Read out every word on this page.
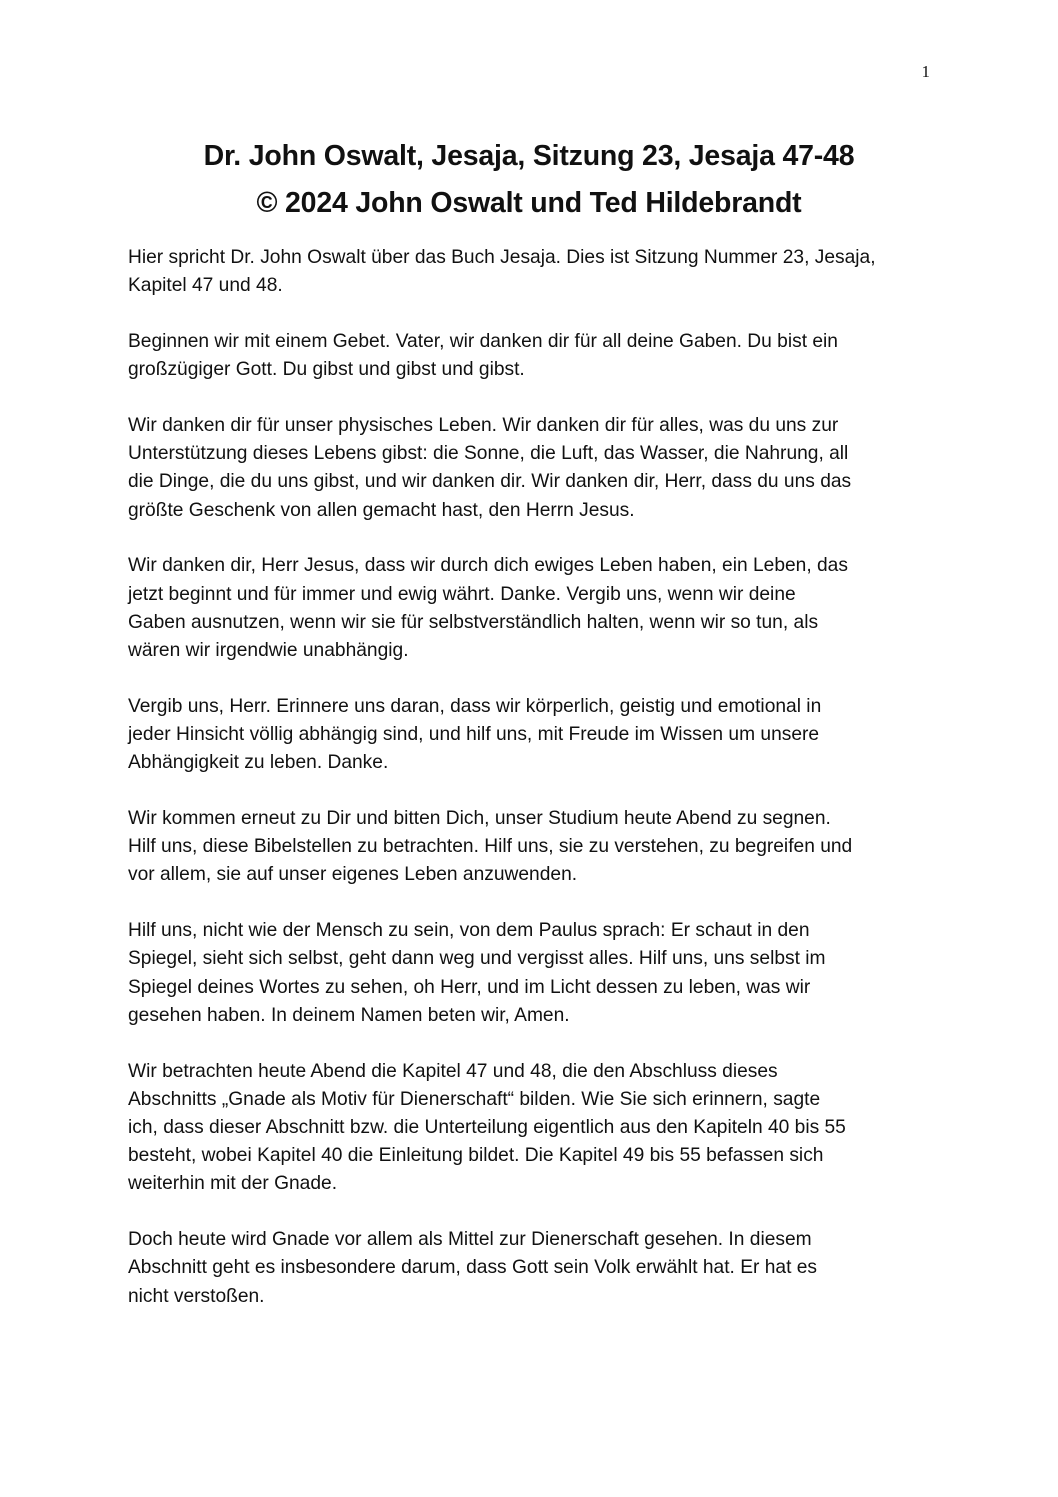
1
Dr. John Oswalt, Jesaja, Sitzung 23, Jesaja 47-48
© 2024 John Oswalt und Ted Hildebrandt

Hier spricht Dr. John Oswalt über das Buch Jesaja. Dies ist Sitzung Nummer 23, Jesaja,
Kapitel 47 und 48.

Beginnen wir mit einem Gebet. Vater, wir danken dir für all deine Gaben. Du bist ein
großzügiger Gott. Du gibst und gibst und gibst.

Wir danken dir für unser physisches Leben. Wir danken dir für alles, was du uns zur
Unterstützung dieses Lebens gibst: die Sonne, die Luft, das Wasser, die Nahrung, all
die Dinge, die du uns gibst, und wir danken dir. Wir danken dir, Herr, dass du uns das
größte Geschenk von allen gemacht hast, den Herrn Jesus.

Wir danken dir, Herr Jesus, dass wir durch dich ewiges Leben haben, ein Leben, das
jetzt beginnt und für immer und ewig währt. Danke. Vergib uns, wenn wir deine
Gaben ausnutzen, wenn wir sie für selbstverständlich halten, wenn wir so tun, als
wären wir irgendwie unabhängig.

Vergib uns, Herr. Erinnere uns daran, dass wir körperlich, geistig und emotional in
jeder Hinsicht völlig abhängig sind, und hilf uns, mit Freude im Wissen um unsere
Abhängigkeit zu leben. Danke.

Wir kommen erneut zu Dir und bitten Dich, unser Studium heute Abend zu segnen.
Hilf uns, diese Bibelstellen zu betrachten. Hilf uns, sie zu verstehen, zu begreifen und
vor allem, sie auf unser eigenes Leben anzuwenden.

Hilf uns, nicht wie der Mensch zu sein, von dem Paulus sprach: Er schaut in den
Spiegel, sieht sich selbst, geht dann weg und vergisst alles. Hilf uns, uns selbst im
Spiegel deines Wortes zu sehen, oh Herr, und im Licht dessen zu leben, was wir
gesehen haben. In deinem Namen beten wir, Amen.

Wir betrachten heute Abend die Kapitel 47 und 48, die den Abschluss dieses
Abschnitts „Gnade als Motiv für Dienerschaft“ bilden. Wie Sie sich erinnern, sagte
ich, dass dieser Abschnitt bzw. die Unterteilung eigentlich aus den Kapiteln 40 bis 55
besteht, wobei Kapitel 40 die Einleitung bildet. Die Kapitel 49 bis 55 befassen sich
weiterhin mit der Gnade.

Doch heute wird Gnade vor allem als Mittel zur Dienerschaft gesehen. In diesem
Abschnitt geht es insbesondere darum, dass Gott sein Volk erwählt hat. Er hat es
nicht verstoßen.
